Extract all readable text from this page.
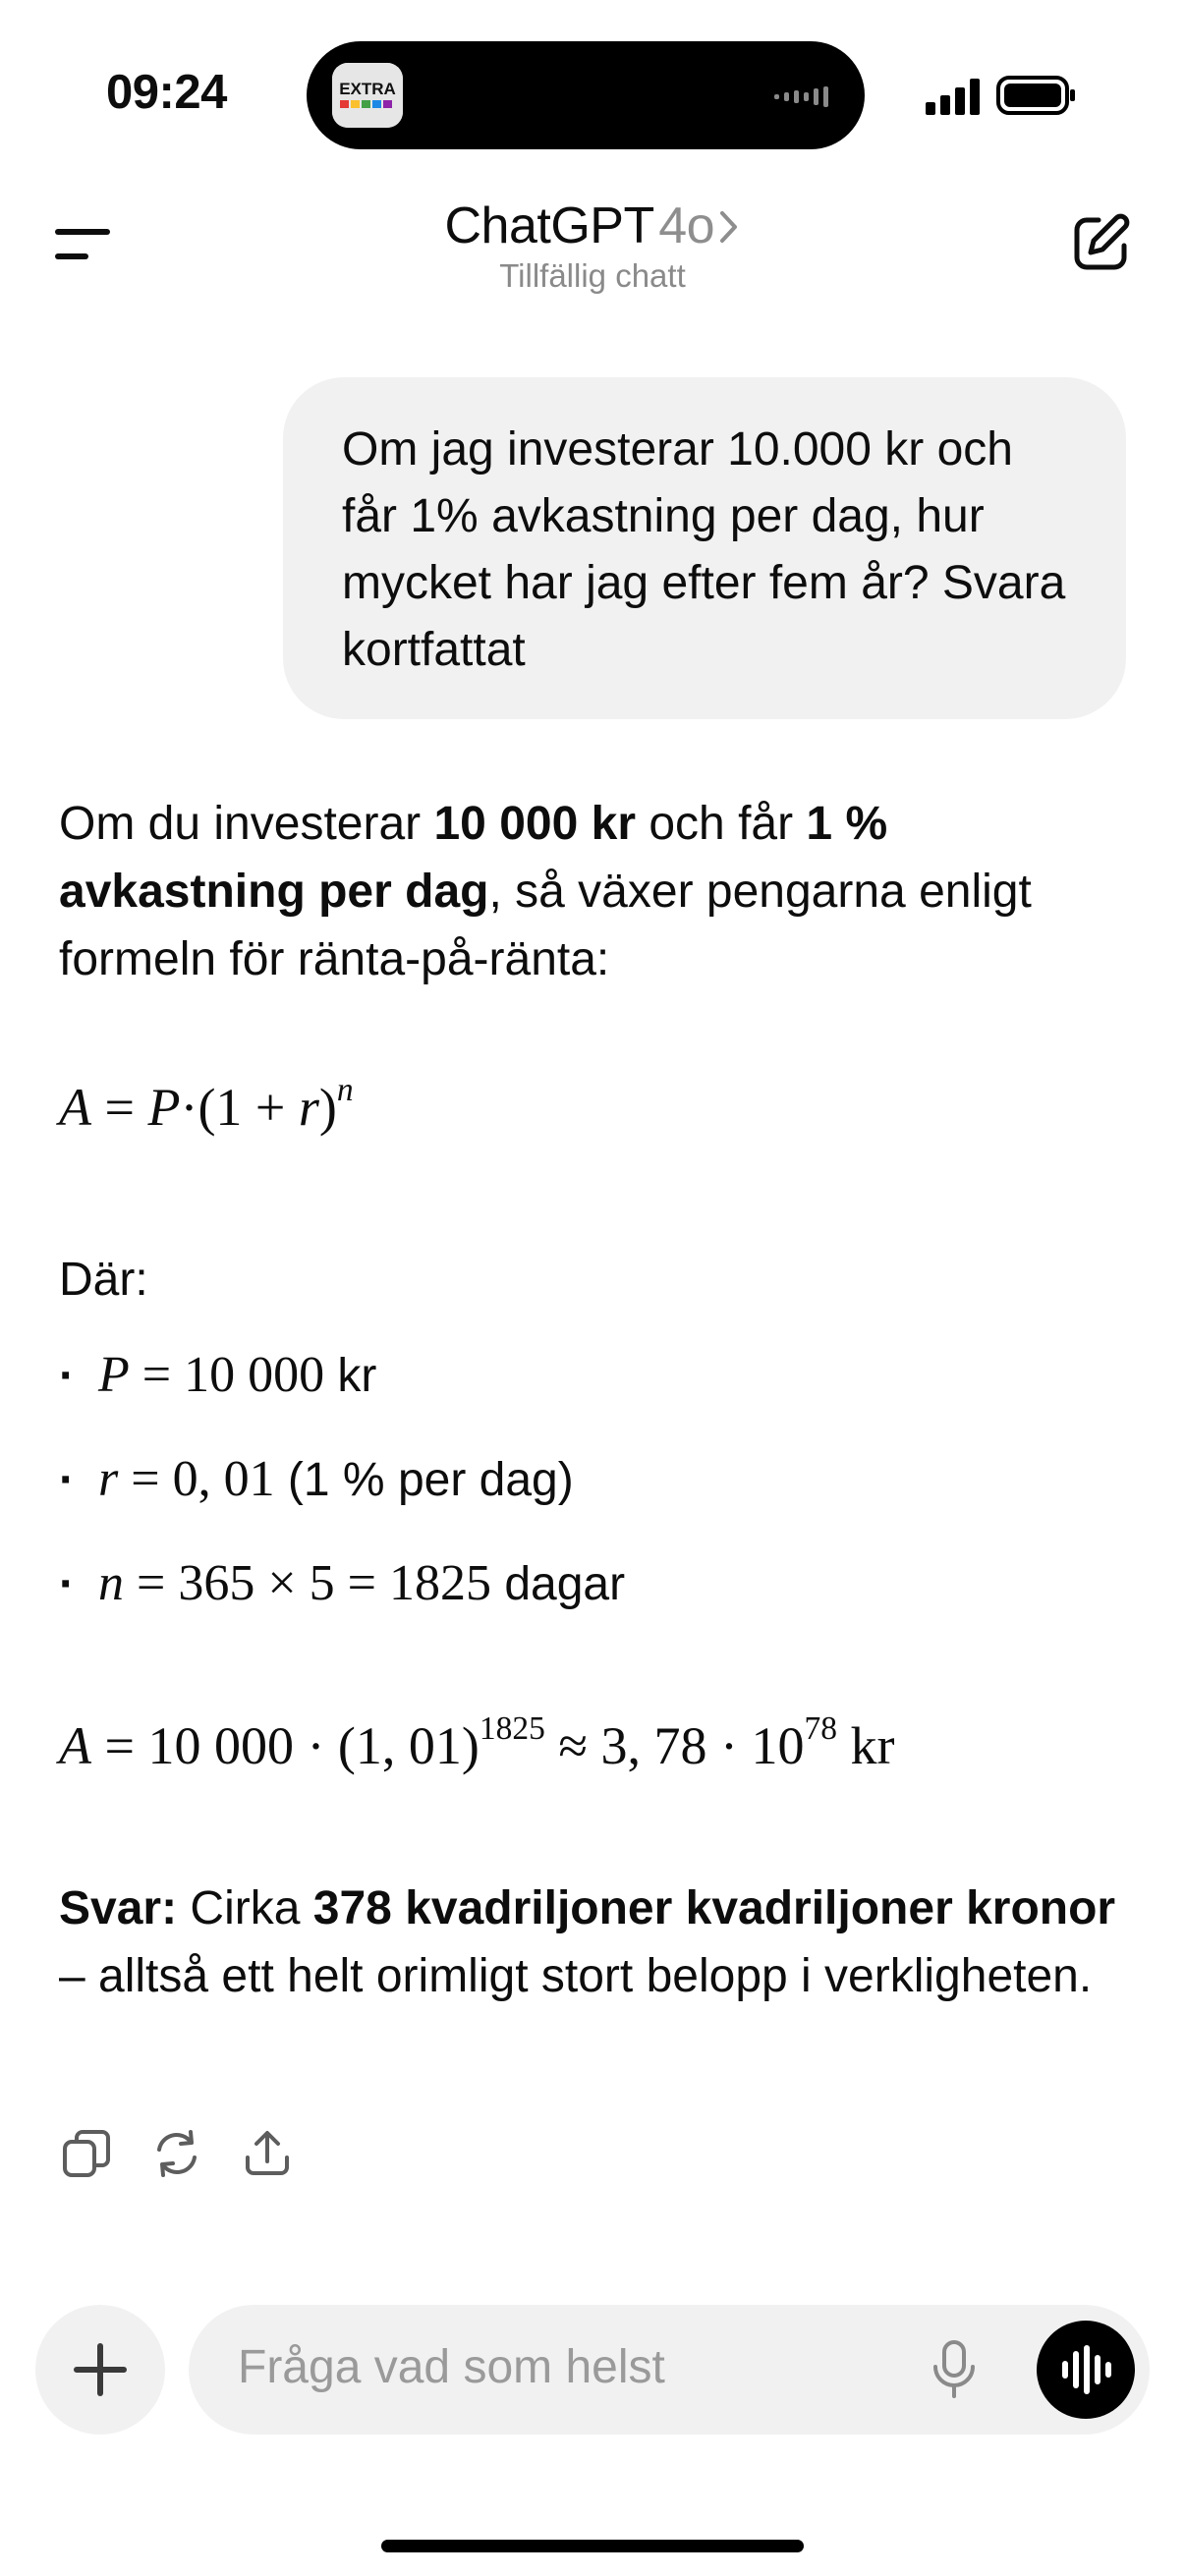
09:24	EXTRA
ChatGPT 4o
Tillfällig chatt
Om jag investerar 10.000 kr och får 1% avkastning per dag, hur mycket har jag efter fem år? Svara kortfattat
Om du investerar 10 000 kr och får 1 % avkastning per dag, så växer pengarna enligt formeln för ränta-på-ränta:
$A = P\cdot(1 + r)^n$
Där:
· P = 10 000 kr
· r = 0, 01 (1 % per dag)
· n = 365 × 5 = 1825 dagar
A = 10 000 · (1, 01)$^{1825}$ ≈ 3, $78 \cdot 10^{78}$ kr
Svar: Cirka 378 kvadriljoner kvadriljoner kronor – alltså ett helt orimligt stort belopp i verkligheten.
Fråga vad som helst
